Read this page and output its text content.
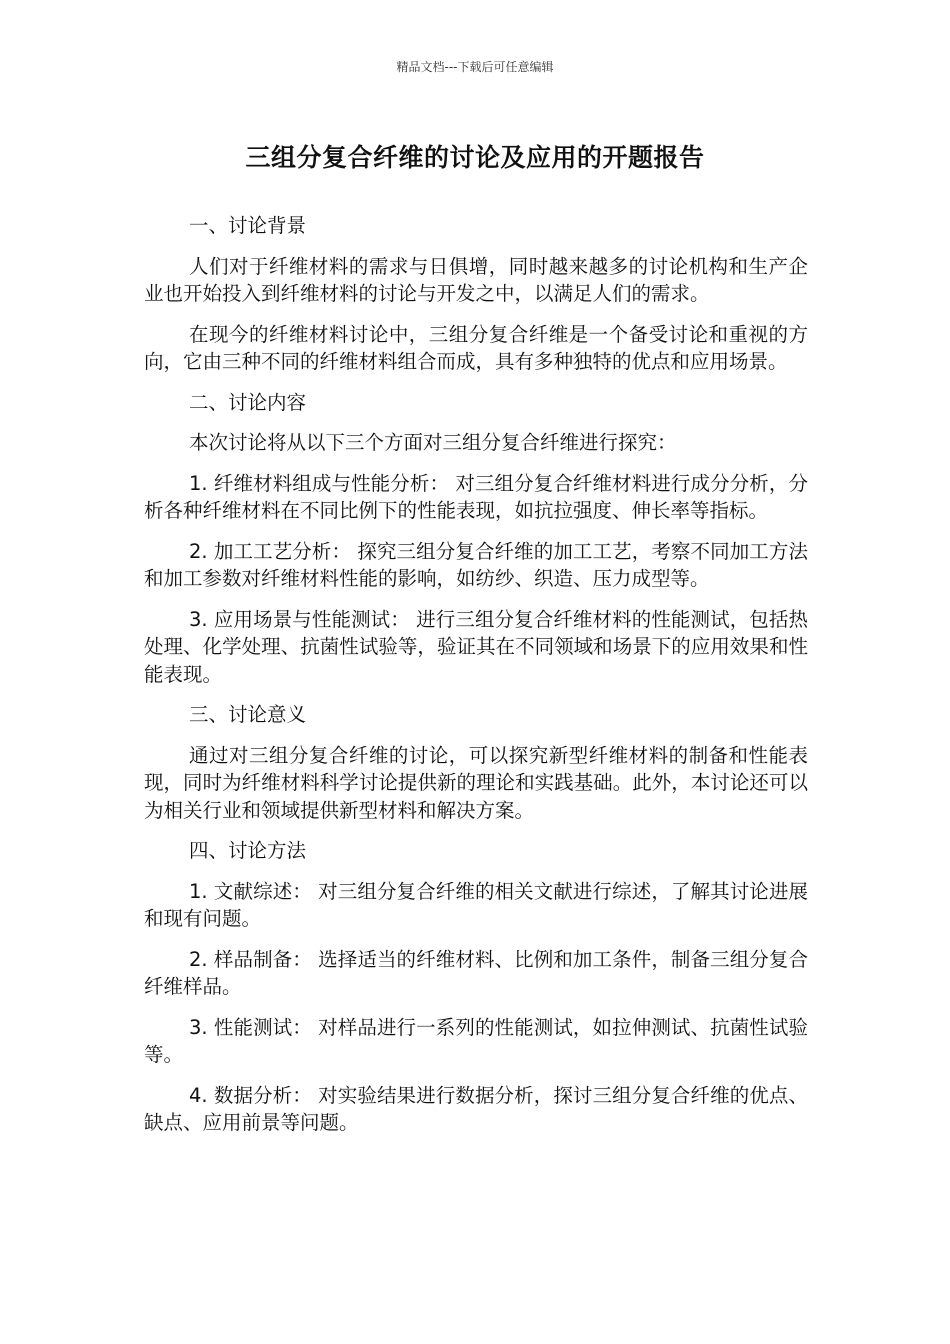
精品文档---下载后可任意编辑
三组分复合纤维的讨论及应用的开题报告

一、讨论背景

人们对于纤维材料的需求与日俱增，同时越来越多的讨论机构和生产企业也开始投入到纤维材料的讨论与开发之中，以满足人们的需求。

在现今的纤维材料讨论中，三组分复合纤维是一个备受讨论和重视的方向，它由三种不同的纤维材料组合而成，具有多种独特的优点和应用场景。

二、讨论内容

本次讨论将从以下三个方面对三组分复合纤维进行探究：

1. 纤维材料组成与性能分析： 对三组分复合纤维材料进行成分分析，分析各种纤维材料在不同比例下的性能表现，如抗拉强度、伸长率等指标。

2. 加工工艺分析： 探究三组分复合纤维的加工工艺，考察不同加工方法和加工参数对纤维材料性能的影响，如纺纱、织造、压力成型等。

3. 应用场景与性能测试： 进行三组分复合纤维材料的性能测试，包括热处理、化学处理、抗菌性试验等，验证其在不同领域和场景下的应用效果和性能表现。

三、讨论意义

通过对三组分复合纤维的讨论，可以探究新型纤维材料的制备和性能表现，同时为纤维材料科学讨论提供新的理论和实践基础。此外，本讨论还可以为相关行业和领域提供新型材料和解决方案。

四、讨论方法

1. 文献综述： 对三组分复合纤维的相关文献进行综述，了解其讨论进展和现有问题。

2. 样品制备： 选择适当的纤维材料、比例和加工条件，制备三组分复合纤维样品。

3. 性能测试： 对样品进行一系列的性能测试，如拉伸测试、抗菌性试验等。

4. 数据分析： 对实验结果进行数据分析，探讨三组分复合纤维的优点、缺点、应用前景等问题。
